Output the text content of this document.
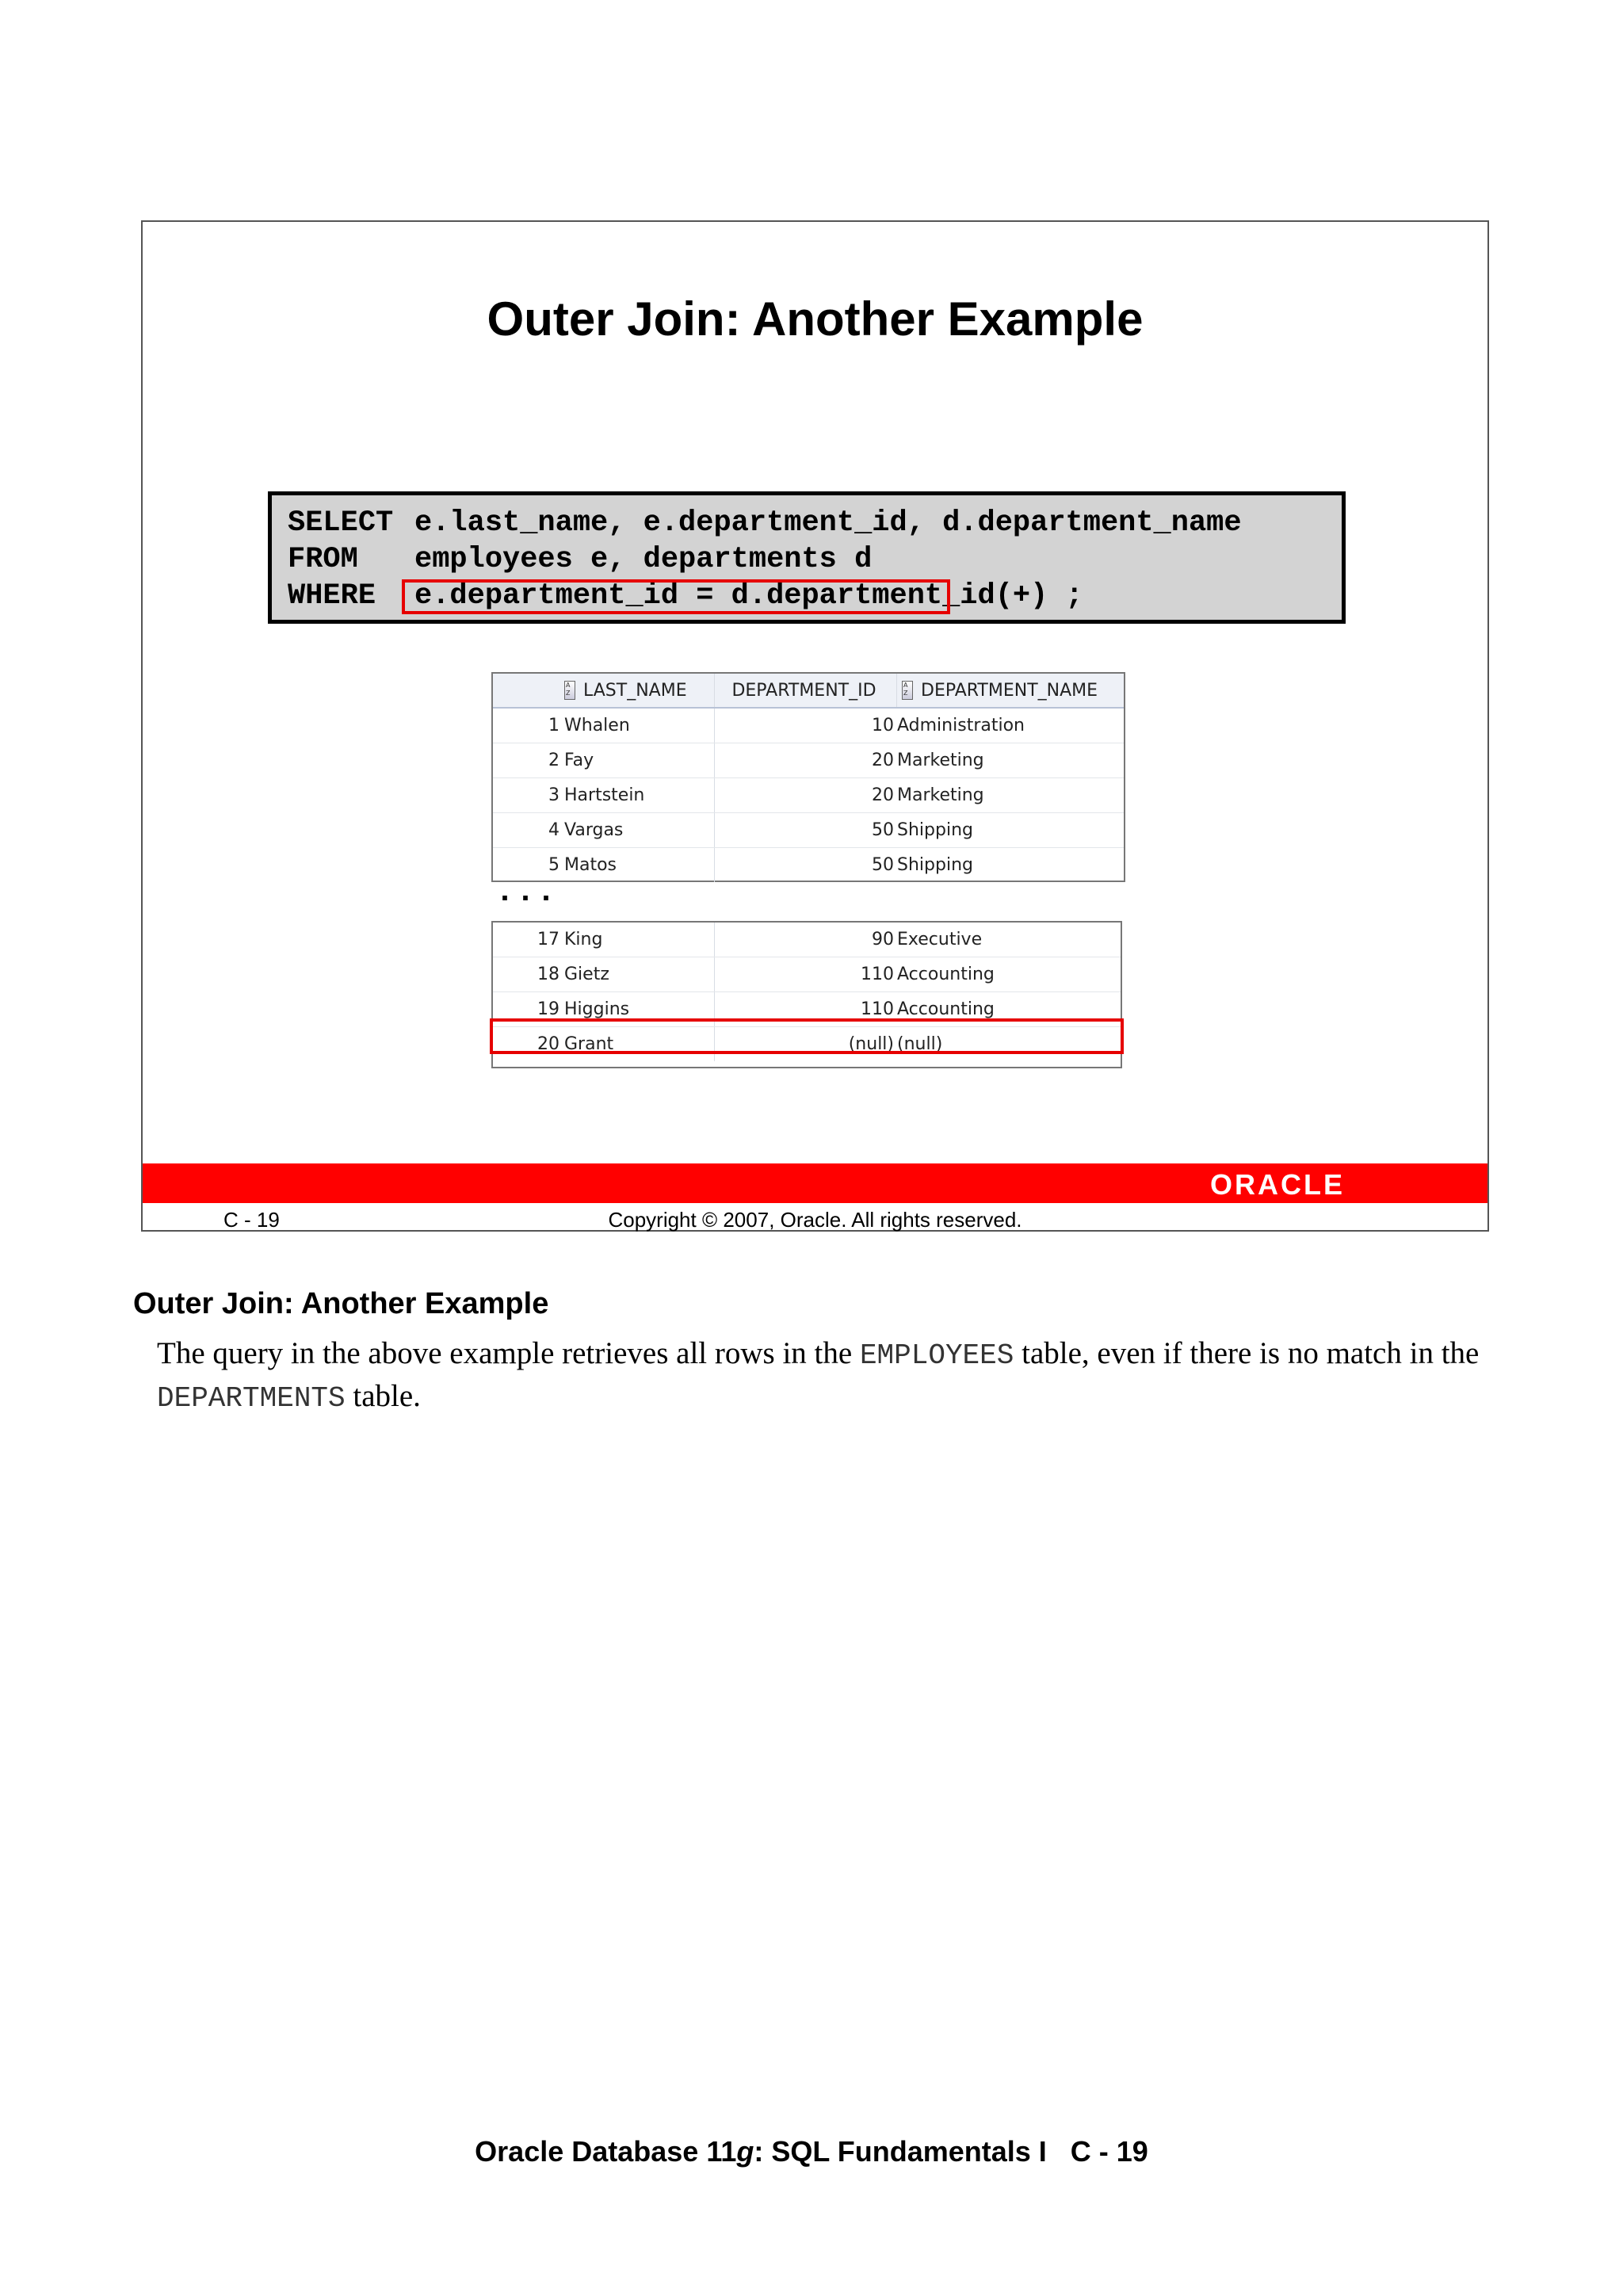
Outer Join: Another Example
SELECT e.last_name, e.department_id, d.department_name
FROM	employees e, departments d
WHERE	e.department_id = d.department_id(+) ;
A Z
LAST_NAME	DEPARTMENT_ID
A Z	DEPARTMENT_NAME
1 Whalen	10 Administration
2 Fay	20 Marketing
3 Hartstein	20 Marketing
4 Vargas	50 Shipping
5 Matos	50 Shipping
...
17 King	90 Executive
18 Gietz	110 Accounting
19 Higgins	110 Accounting
20 Grant	(null) (null)
ORACLE
C - 19	Copyright © 2007, Oracle. All rights reserved.
Outer Join: Another Example
The query in the above example retrieves all rows in the EMPLOYEES table, even if there is no match in the DEPARTMENTS table.
Oracle Database 11g: SQL Fundamentals I   C - 19
